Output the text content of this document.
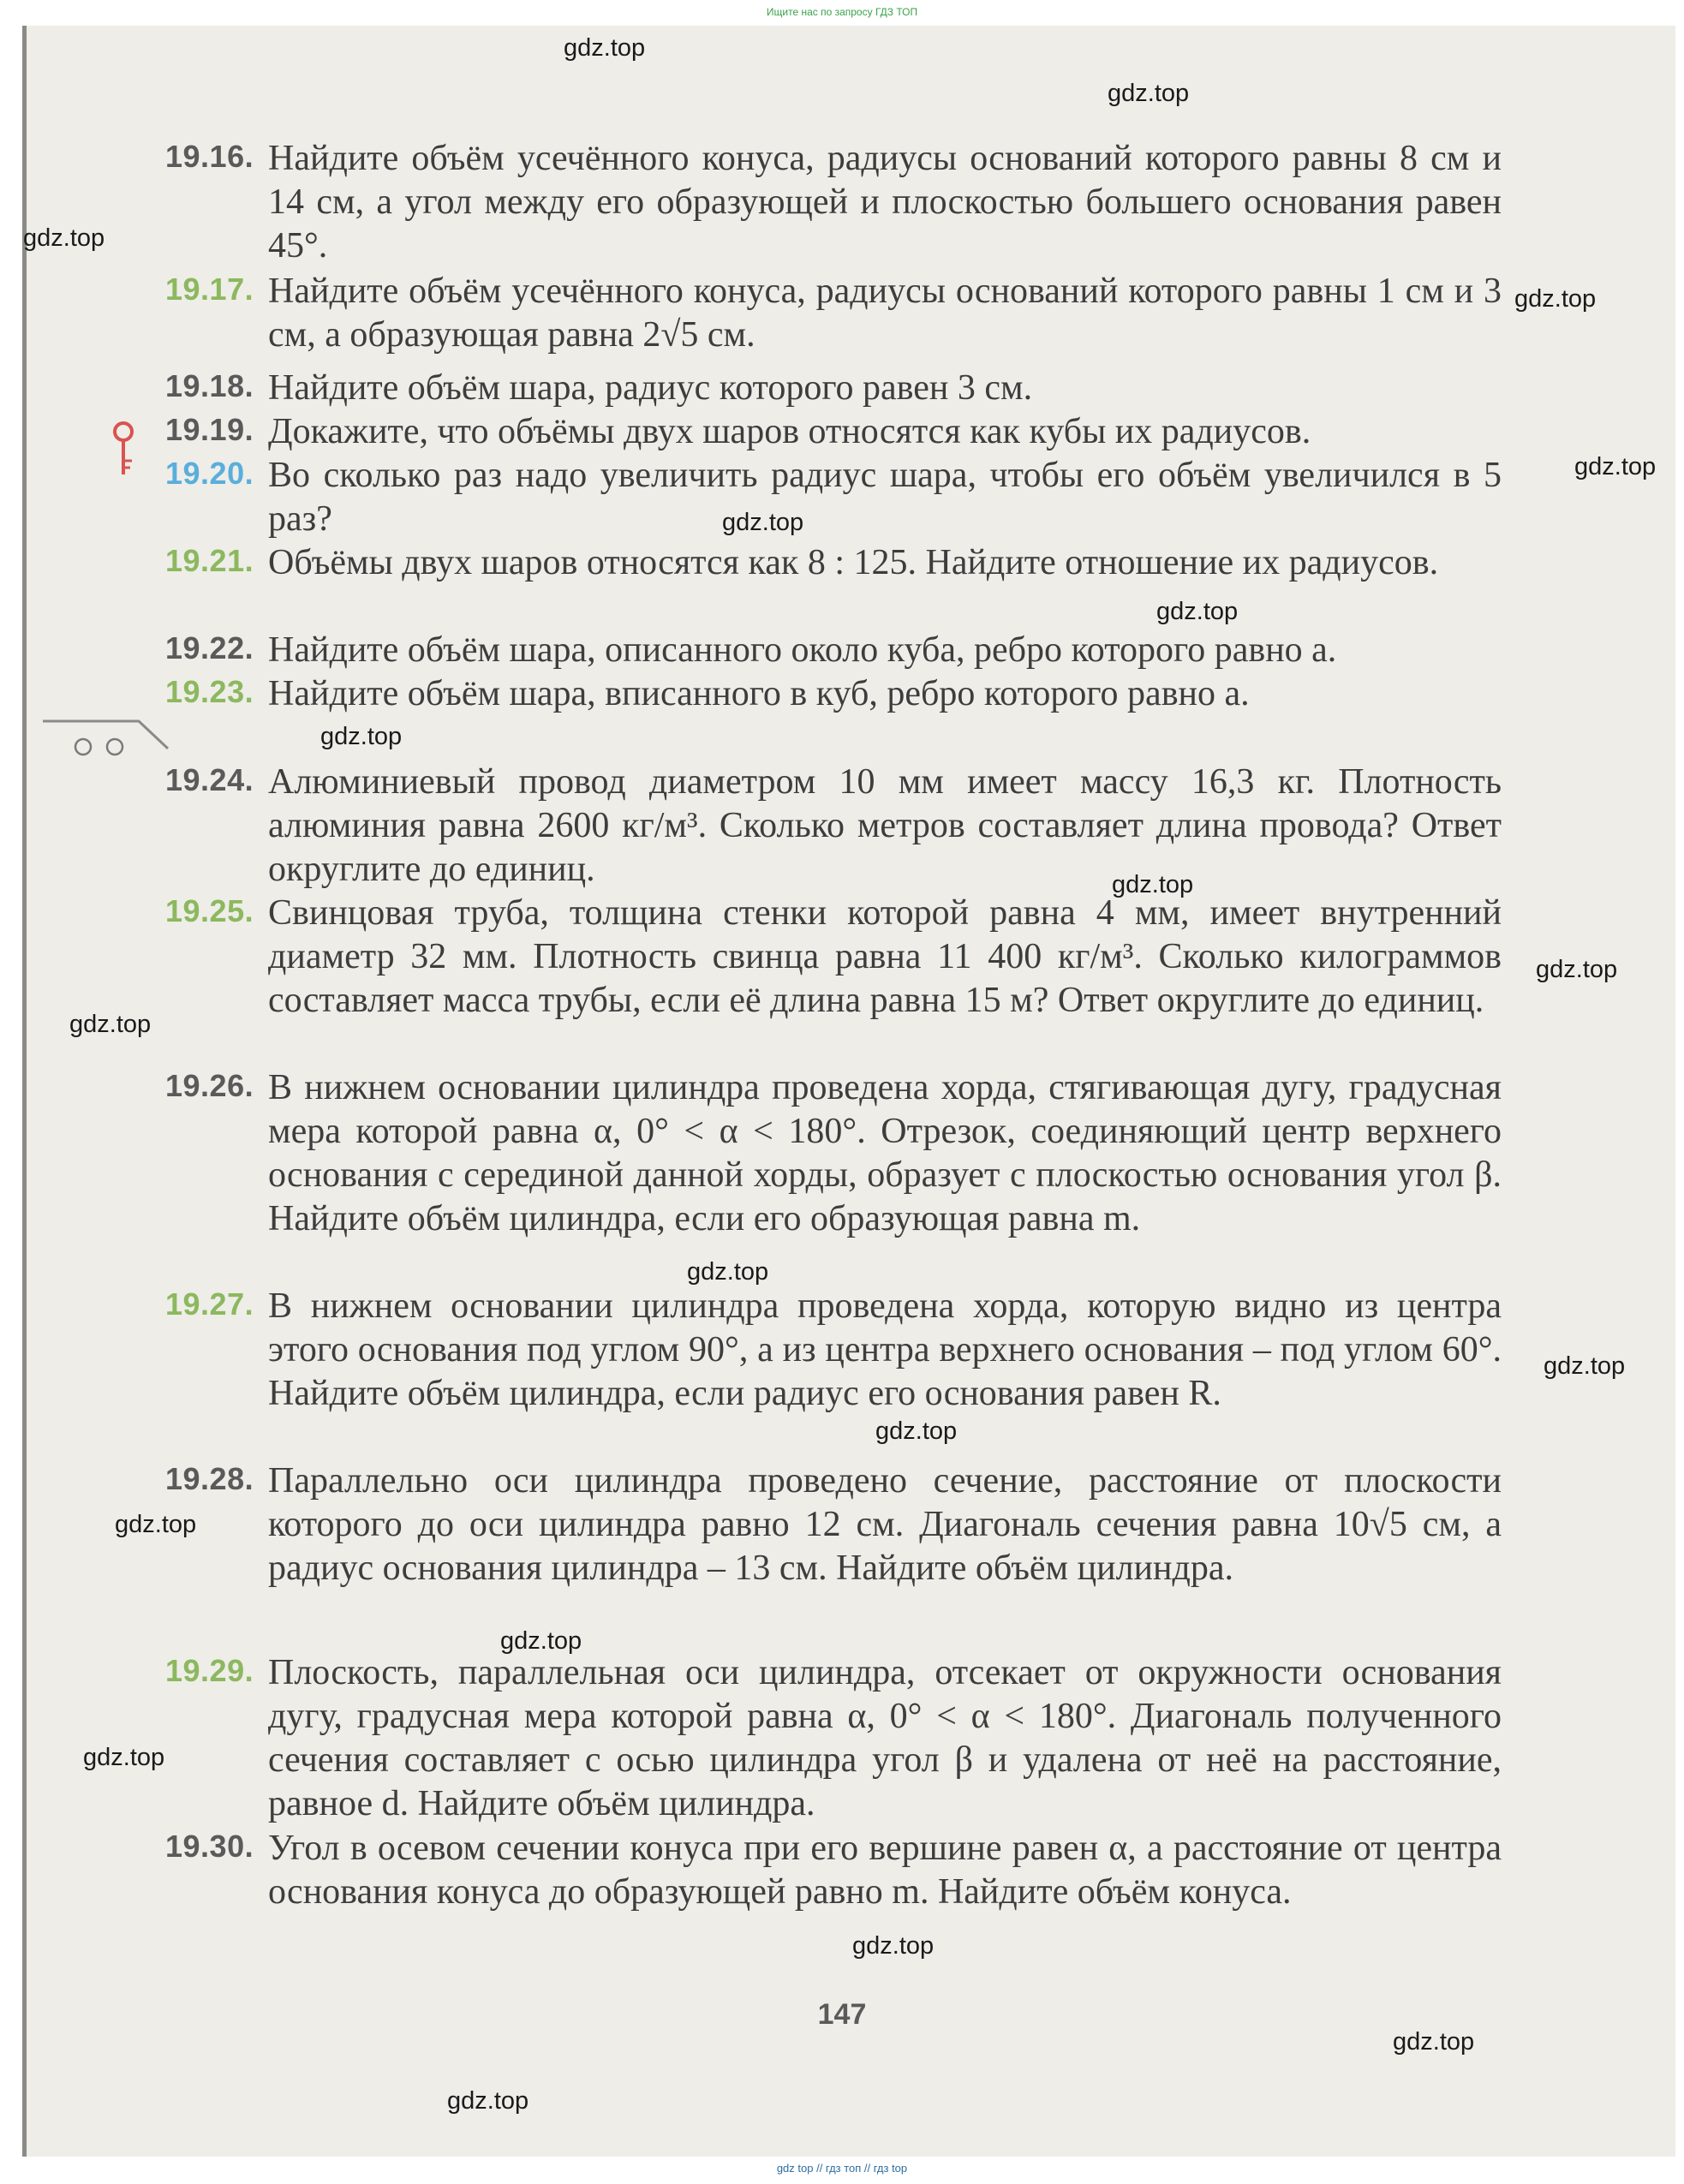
Ищите нас по запросу ГДЗ ТОП
19.16. Найдите объём усечённого конуса, радиусы оснований которого равны 8 см и 14 см, а угол между его образующей и плоскостью большего основания равен 45°.
19.17. Найдите объём усечённого конуса, радиусы оснований которого равны 1 см и 3 см, а образующая равна 2√5 см.
19.18. Найдите объём шара, радиус которого равен 3 см.
19.19. Докажите, что объёмы двух шаров относятся как кубы их радиусов.
19.20. Во сколько раз надо увеличить радиус шара, чтобы его объём увеличился в 5 раз?
19.21. Объёмы двух шаров относятся как 8 : 125. Найдите отношение их радиусов.
19.22. Найдите объём шара, описанного около куба, ребро которого равно a.
19.23. Найдите объём шара, вписанного в куб, ребро которого равно a.
19.24. Алюминиевый провод диаметром 10 мм имеет массу 16,3 кг. Плотность алюминия равна 2600 кг/м³. Сколько метров составляет длина провода? Ответ округлите до единиц.
19.25. Свинцовая труба, толщина стенки которой равна 4 мм, имеет внутренний диаметр 32 мм. Плотность свинца равна 11 400 кг/м³. Сколько килограммов составляет масса трубы, если её длина равна 15 м? Ответ округлите до единиц.
19.26. В нижнем основании цилиндра проведена хорда, стягивающая дугу, градусная мера которой равна α, 0° < α < 180°. Отрезок, соединяющий центр верхнего основания с серединой данной хорды, образует с плоскостью основания угол β. Найдите объём цилиндра, если его образующая равна m.
19.27. В нижнем основании цилиндра проведена хорда, которую видно из центра этого основания под углом 90°, а из центра верхнего основания – под углом 60°. Найдите объём цилиндра, если радиус его основания равен R.
19.28. Параллельно оси цилиндра проведено сечение, расстояние от плоскости которого до оси цилиндра равно 12 см. Диагональ сечения равна 10√5 см, а радиус основания цилиндра – 13 см. Найдите объём цилиндра.
19.29. Плоскость, параллельная оси цилиндра, отсекает от окружности основания дугу, градусная мера которой равна α, 0° < α < 180°. Диагональ полученного сечения составляет с осью цилиндра угол β и удалена от неё на расстояние, равное d. Найдите объём цилиндра.
19.30. Угол в осевом сечении конуса при его вершине равен α, а расстояние от центра основания конуса до образующей равно m. Найдите объём конуса.
147
gdz.top
gdz.top
gdz.top
gdz.top
gdz.top
gdz.top
gdz.top
gdz.top
gdz.top
gdz.top
gdz.top
gdz.top
gdz.top
gdz.top
gdz.top
gdz.top
gdz.top
gdz.top
gdz.top
gdz.top
gdz top // гдз топ // гдз top
